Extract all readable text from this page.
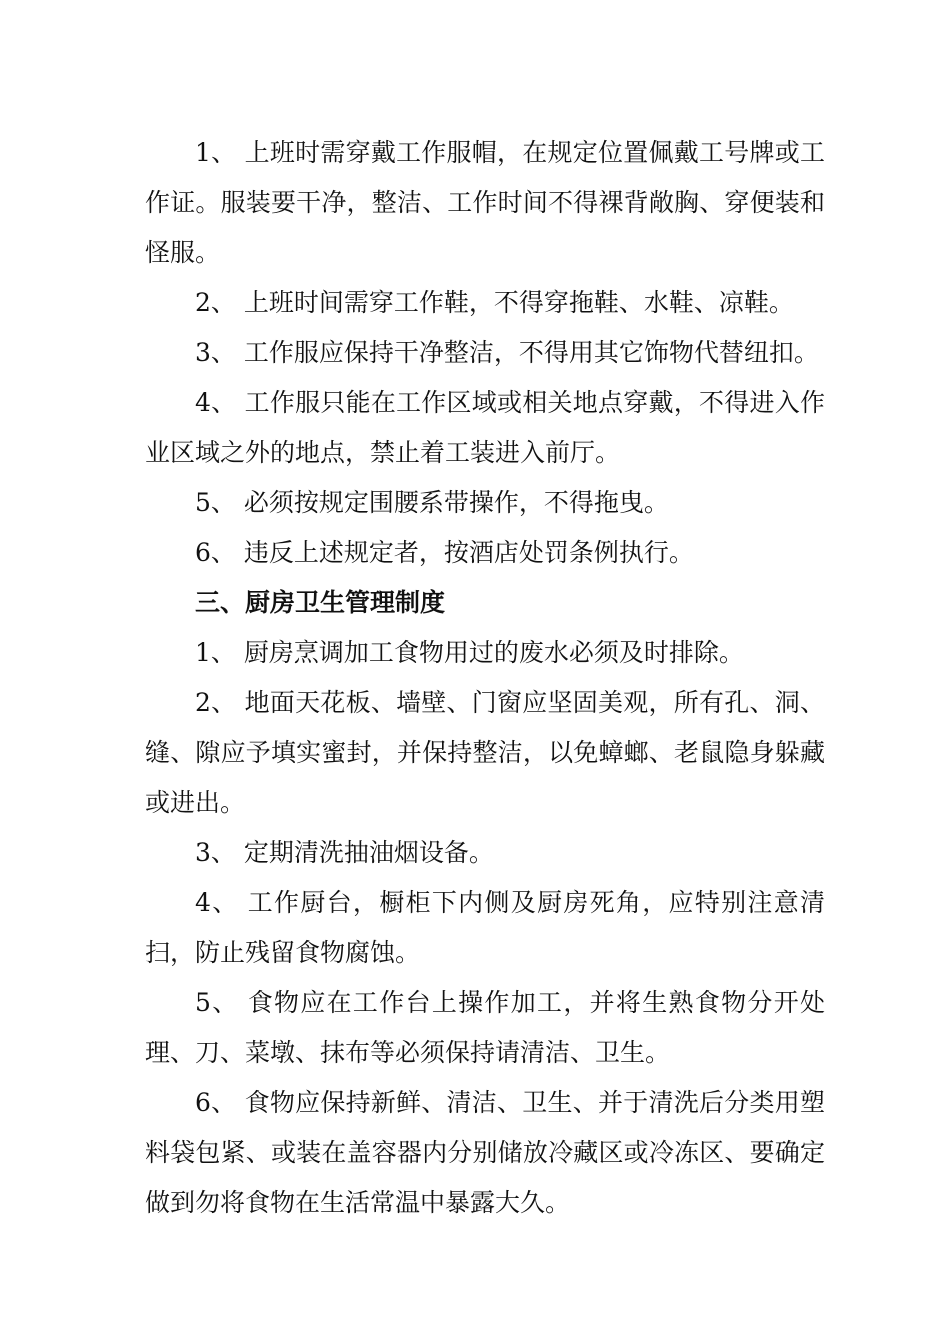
1、 上班时需穿戴工作服帽，在规定位置佩戴工号牌或工作证。服装要干净，整洁、工作时间不得裸背敞胸、穿便装和怪服。

2、 上班时间需穿工作鞋，不得穿拖鞋、水鞋、凉鞋。

3、 工作服应保持干净整洁，不得用其它饰物代替纽扣。

4、 工作服只能在工作区域或相关地点穿戴，不得进入作业区域之外的地点，禁止着工装进入前厅。

5、 必须按规定围腰系带操作，不得拖曳。

6、 违反上述规定者，按酒店处罚条例执行。

三、厨房卫生管理制度

1、 厨房烹调加工食物用过的废水必须及时排除。

2、 地面天花板、墙壁、门窗应坚固美观，所有孔、洞、缝、隙应予填实蜜封，并保持整洁，以免蟑螂、老鼠隐身躲藏或进出。

3、 定期清洗抽油烟设备。

4、 工作厨台，橱柜下内侧及厨房死角，应特别注意清扫，防止残留食物腐蚀。

5、 食物应在工作台上操作加工，并将生熟食物分开处理、刀、菜墩、抹布等必须保持请清洁、卫生。

6、 食物应保持新鲜、清洁、卫生、并于清洗后分类用塑料袋包紧、或装在盖容器内分别储放冷藏区或冷冻区、要确定做到勿将食物在生活常温中暴露大久。
